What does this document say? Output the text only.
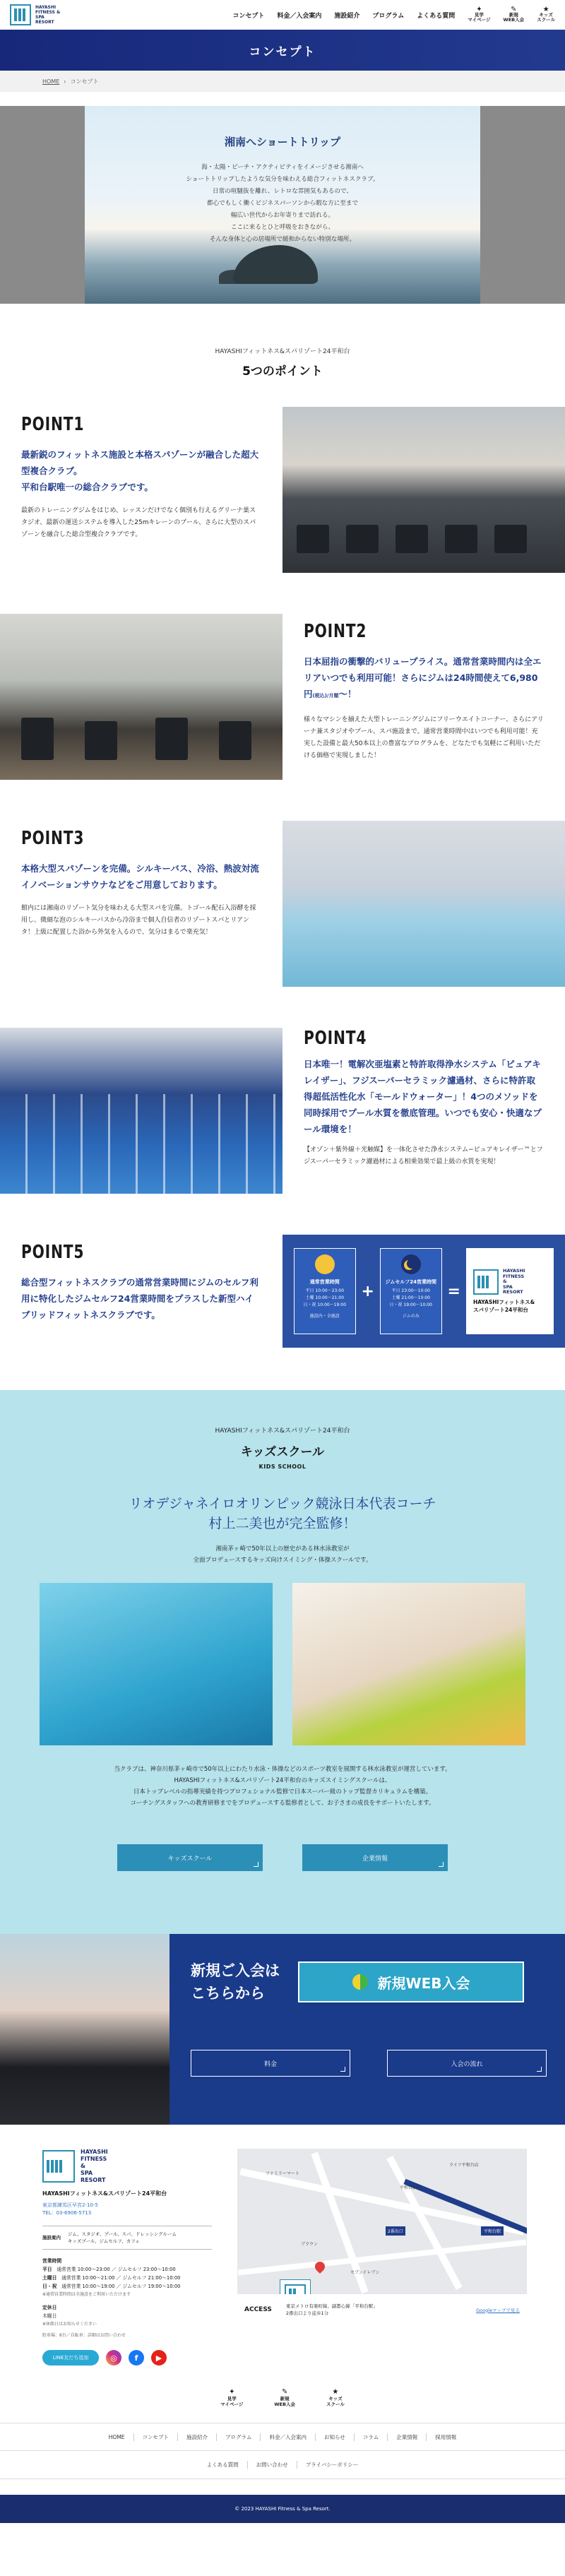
HAYASHI FITNESS & SPA RESORT
コンセプト 料金／入会案内 施設紹介 プログラム よくある質問
✦
見学
マイページ
✎
新規
WEB入会
★
キッズ
スクール
コンセプト
HOME › コンセプト
湘南へショートトリップ
海・太陽・ビーチ・アクティビティをイメージさせる湘南へ
ショートトリップしたような気分を味わえる総合フィットネスクラブ。
日常の喧騒抜を離れ、レトロな雰囲気もあるので、
都心でもしく働くビジネスパーソンから暇な方に至まで
幅広い世代からお年寄りまで訪れる。
ここに来るとひと呼吸をおきながら、
そんな身体と心の居場所で緩和からない特別な場所。
HAYASHIフィットネス&スパリゾート24平和台
5つのポイント
POINT1
最新鋭のフィットネス施設と本格スパゾーンが融合した超大型複合クラブ。
平和台駅唯一の総合クラブです。
最新のトレーニングジムをはじめ、レッスンだけでなく個別も行えるグリーナ巣スタジオ、最新の運送システムを導入した25mキレーンのプール、さらに大型のスパゾーンを融合した総合型複合クラブです。
POINT2
日本屈指の衝撃的バリュープライス。通常営業時間内は全エリアいつでも利用可能！さらにジムは24時間使えて6,980円(税込)/月額〜！
様々なマシンを揃えた大型トレーニングジムにフリーウエイトコーナー、さらにアリーナ兼スタジオやプール、スパ施設まで。通常営業時間中はいつでも利用可能！充実した設備と最大50本以上の豊富なプログラムを、どなたでも気軽にご利用いただける価格で実現しました！
POINT3
本格大型スパゾーンを完備。シルキーバス、冷浴、熱波対流イノベーションサウナなどをご用意しております。
館内には湘南のリゾート気分を味わえる大型スパを完備。トゴール配石入浴酵を採用し、微細な泡のシルキーバスから冷浴まで個人自信者のリゾートスパとリアンタ！上級に配置した浴から外気を入るので、気分はまるで楽充気！
POINT4
日本唯一！電解次亜塩素と特許取得浄水システム「ピュアキレイザー」、フジスーパーセラミック濾過材、さらに特許取得超低活性化水「モールドウォーター」！4つのメソッドを同時採用でプール水質を徹底管理。いつでも安心・快適なプール環境を！
【オゾン＋紫外線＋光触媒】を一体化させた浄水システム−ピュアキレイザー™とフジスーパーセラミック濾過材による相乗効果で最上級の水質を実現！
POINT5
総合型フィットネスクラブの通常営業時間にジムのセルフ利用に特化したジムセルフ24営業時間をプラスした新型ハイブリッドフィットネスクラブです。
通常営業時間
平日 10:00〜23:00
土曜 10:00〜21:00
日・祝 10:00〜19:00
施設内・全施設
+
ジムセルフ24営業時間
平日 23:00〜10:00
土曜 21:00〜10:00
日・祝 19:00〜10:00
ジムのみ
=
HAYASHI
FITNESS
&
SPA
RESORT
HAYASHIフィットネス&
スパリゾート24平和台
HAYASHIフィットネス&スパリゾート24平和台
キッズスクール
KIDS SCHOOL
リオデジャネイロオリンピック競泳日本代表コーチ
村上二美也が完全監修！
湘南茅ヶ崎で50年以上の歴史がある林水泳教室が
全面プロデュースするキッズ向けスイミング・体操スクールです。
当クラブは、神奈川県茅ヶ崎市で50年以上にわたり水泳・体操などのスポーツ教室を展開する林水泳教室が運営しています。
HAYASHIフィットネス&スパリゾート24平和台のキッズスイミングスクールは、
日本トップレベルの指導実績を持つプロフェショナル監修で日本スーパー級のトップ監督カリキュラムを構築。
コーチングスタッフへの教育研修までをプロデュースする監修者として、お子さまの成長をサポートいたします。
キッズスクール	企業情報
新規ご入会は
こちらから
新規WEB入会
料金	入会の流れ
HAYASHI
FITNESS
&
SPA
RESORT
HAYASHIフィットネス&スパリゾート24平和台
東京都練馬区早宮2-10-5
TEL：03-6906-5713
施設案内
ジム、スタジオ、プール、スパ、ドレッシングルーム
キッズプール、ジムセルフ、カフェ
営業時間
平日　 通常営業 10:00〜23:00 ／ ジムセルフ 23:00〜10:00
土曜日　 通常営業 10:00〜21:00 ／ ジムセルフ 21:00〜10:00
日・祝　 通常営業 10:00〜19:00 ／ ジムセルフ 19:00〜10:00
※通常営業時間は全施設をご利用いただけます
定休日
木曜日
※休館日はお知らせください
駐車場：6台／自転車：詳細はお問い合わせ
LINE友だち追加	◎	f	▶
ライフ平和台店
平和台駅
ブラウン
2番出口
平和台駅前
セブンイレブン
ファミリーマート
ACCESS	東京メトロ有楽町線、副都心線「平和台駅」
2番出口より徒歩1分
Googleマップで見る
✦
見学
マイページ
✎
新規
WEB入会
★
キッズ
スクール
HOME	コンセプト	施設紹介	プログラム	料金／入会案内	お知らせ	コラム	企業情報	採用情報
よくある質問	お問い合わせ	プライバシーポリシー
© 2023 HAYASHI Fitness & Spa Resort.
